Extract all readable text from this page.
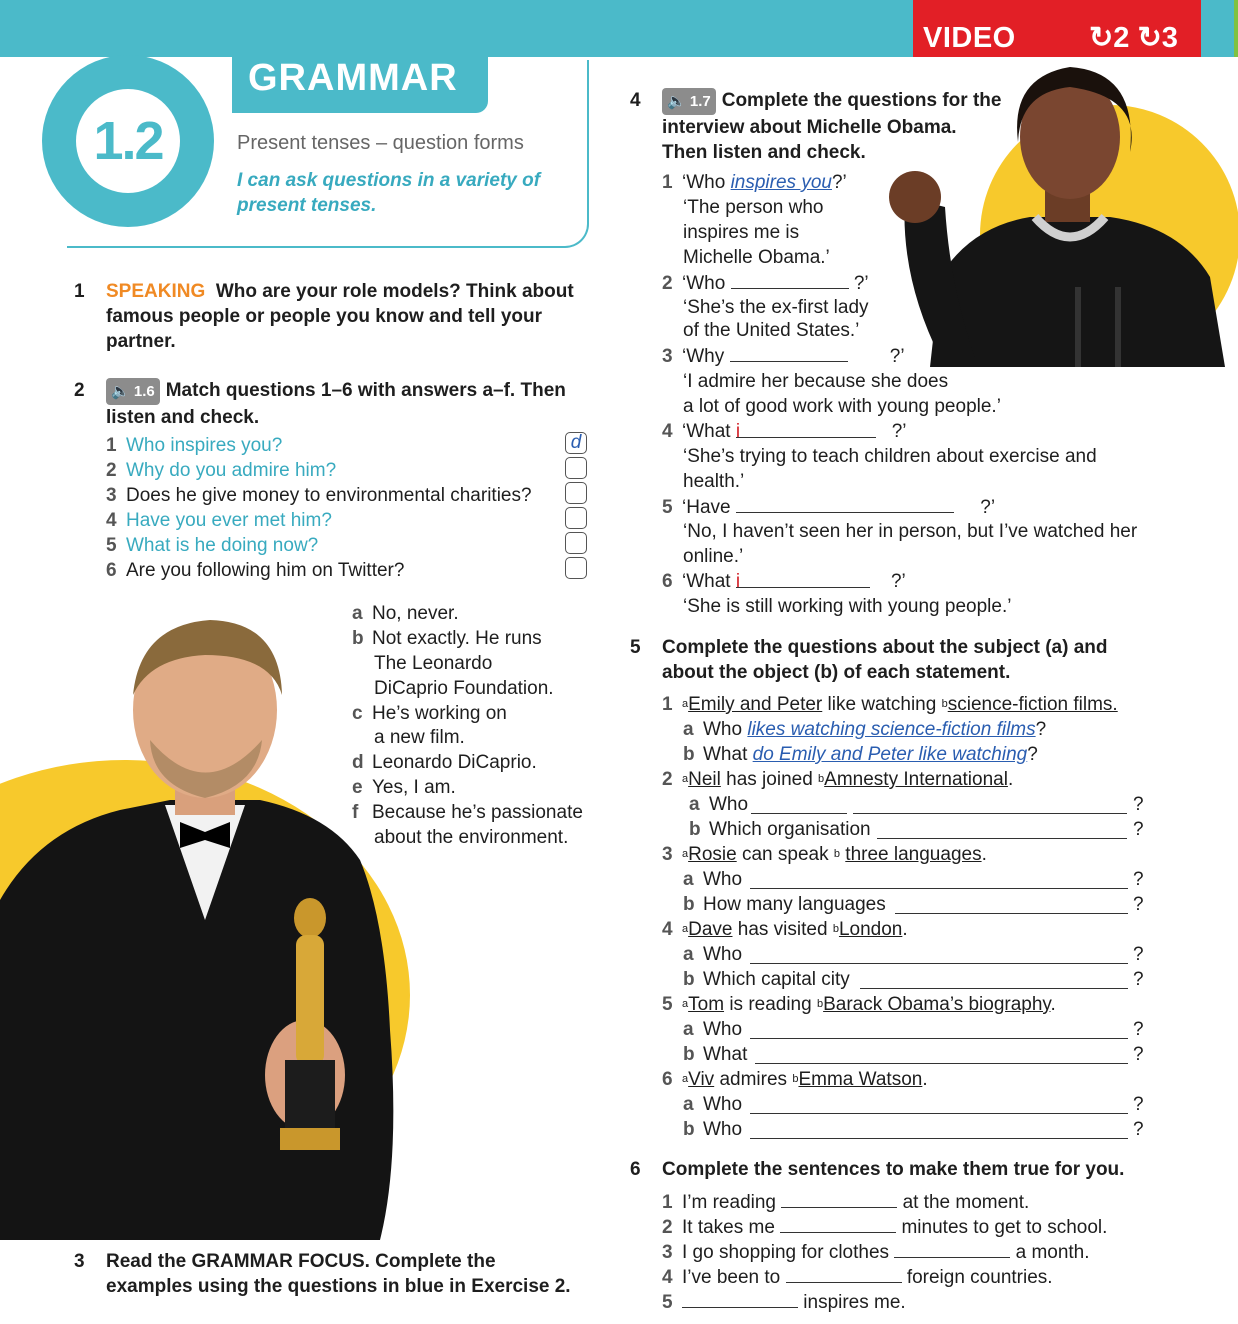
VIDEO	↻2 ↻3
1.2
GRAMMAR
Present tenses – question forms
I can ask questions in a variety of present tenses.
1 SPEAKING Who are your role models? Think about famous people or people you know and tell your partner.
2	🔈 1.6 Match questions 1–6 with answers a–f. Then listen and check.
1 Who inspires you?
2 Why do you admire him?
3 Does he give money to environmental charities?
4 Have you ever met him?
5 What is he doing now?
6 Are you following him on Twitter?
d
a No, never.
b Not exactly. He runs
The Leonardo
DiCaprio Foundation.
c He’s working on
a new film.
d Leonardo DiCaprio.
e Yes, I am.
f Because he’s passionate
about the environment.
3 Read the GRAMMAR FOCUS. Complete the examples using the questions in blue in Exercise 2.
4	🔈 1.7 Complete the questions for the interview about Michelle Obama. Then listen and check.
1 ‘Who inspires you?’
‘The person who
inspires me is
Michelle Obama.’
2 ‘Who	?’
‘She’s the ex-first lady
of the United States.’
3 ‘Why	?’
‘I admire her because she does
a lot of good work with young people.’
4 ‘What i	?’
‘She’s trying to teach children about exercise and
health.’
5 ‘Have	?’
‘No, I haven’t seen her in person, but I’ve watched her
online.’
6 ‘What i	?’
‘She is still working with young people.’
5 Complete the questions about the subject (a) and about the object (b) of each statement.
1 $^a$Emily and Peter like watching $^b$science-fiction films.
a Who likes watching science-fiction films?
b What do Emily and Peter like watching?
2 $^a$Neil has joined $^b$Amnesty International.
a Who	?
b Which organisation	?
3 $^a$Rosie can speak $^b$ three languages.
a Who	?
b How many languages	?
4 $^a$Dave has visited $^b$London.
a Who	?
b Which capital city	?
5 $^a$Tom is reading $^b$Barack Obama’s biography.
a Who	?
b What	?
6 $^a$Viv admires $^b$Emma Watson.
a Who	?
b Who	?
6 Complete the sentences to make them true for you.
1 I’m reading	at the moment.
2 It takes me	minutes to get to school.
3 I go shopping for clothes	a month.
4 I’ve been to	foreign countries.
5	inspires me.
